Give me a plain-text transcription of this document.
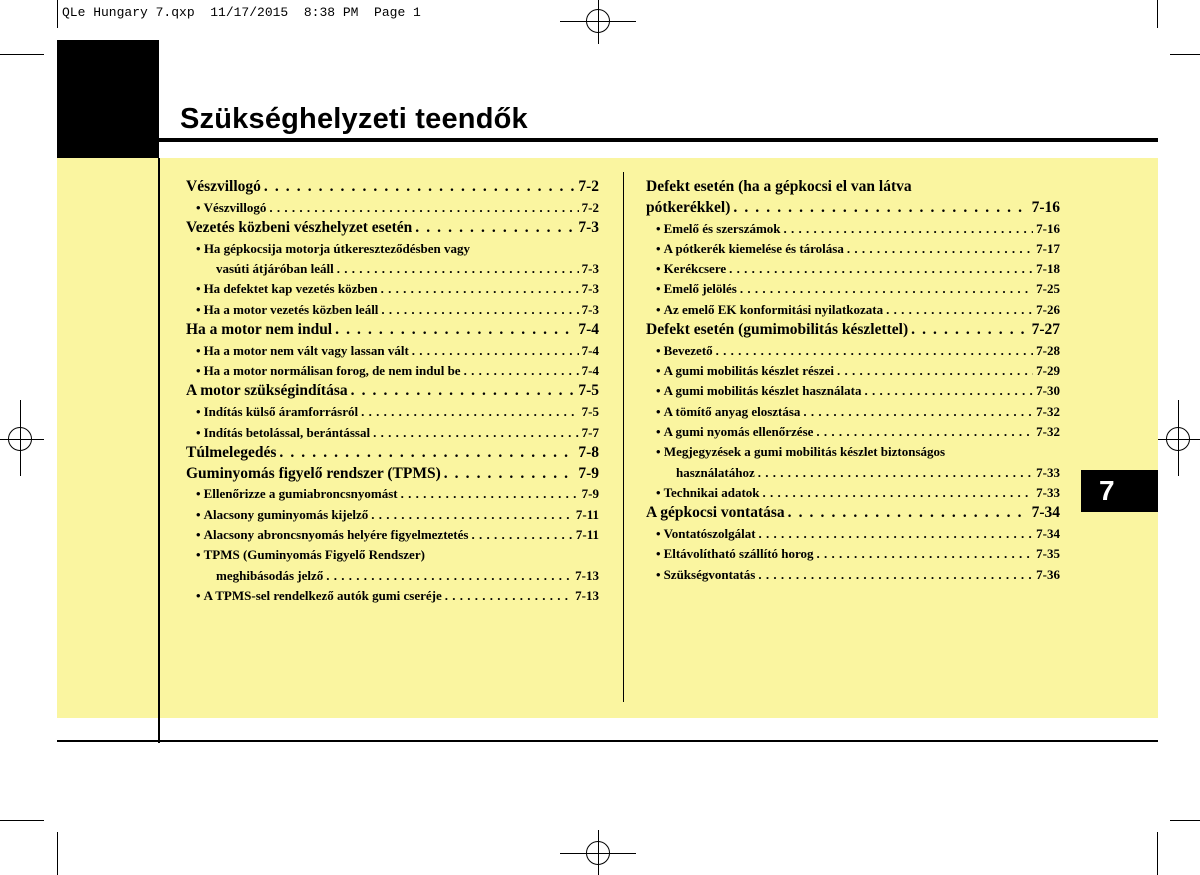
QLe Hungary 7.qxp  11/17/2015  8:38 PM  Page 1
Szükséghelyzeti teendők
7
Vészvillogó . . .	7-2
• Vészvillogó . . .	7-2
Vezetés közbeni vészhelyzet esetén . . .	7-3
• Ha gépkocsija motorja útkereszteződésben vagy
vasúti átjáróban leáll . . .	7-3
• Ha defektet kap vezetés közben . . .	7-3
• Ha a motor vezetés közben leáll . . .	7-3
Ha a motor nem indul . . .	7-4
• Ha a motor nem vált vagy lassan vált . . .	7-4
• Ha a motor normálisan forog, de nem indul be . . .	7-4
A motor szükségindítása . . .	7-5
• Indítás külső áramforrásról . . .	7-5
• Indítás betolással, berántással . . .	7-7
Túlmelegedés . . .	7-8
Guminyomás figyelő rendszer (TPMS) . . .	7-9
• Ellenőrizze a gumiabroncsnyomást . . .	7-9
• Alacsony guminyomás kijelző . . .	7-11
• Alacsony abroncsnyomás helyére figyelmeztetés . . .	7-11
• TPMS (Guminyomás Figyelő Rendszer)
meghibásodás jelző . . .	7-13
• A TPMS-sel rendelkező autók gumi cseréje . . .	7-13
Defekt esetén (ha a gépkocsi el van látva
pótkerékkel) . . .	7-16
• Emelő és szerszámok . . .	7-16
• A pótkerék kiemelése és tárolása . . .	7-17
• Kerékcsere . . .	7-18
• Emelő jelölés . . .	7-25
• Az emelő EK konformitási nyilatkozata . . .	7-26
Defekt esetén (gumimobilitás készlettel) . . .	7-27
• Bevezető . . .	7-28
• A gumi mobilitás készlet részei . . .	7-29
• A gumi mobilitás készlet használata . . .	7-30
• A tömítő anyag elosztása . . .	7-32
• A gumi nyomás ellenőrzése . . .	7-32
• Megjegyzések a gumi mobilitás készlet biztonságos
használatához . . .	7-33
• Technikai adatok . . .	7-33
A gépkocsi vontatása . . .	7-34
• Vontatószolgálat . . .	7-34
• Eltávolítható szállító horog . . .	7-35
• Szükségvontatás . . .	7-36
